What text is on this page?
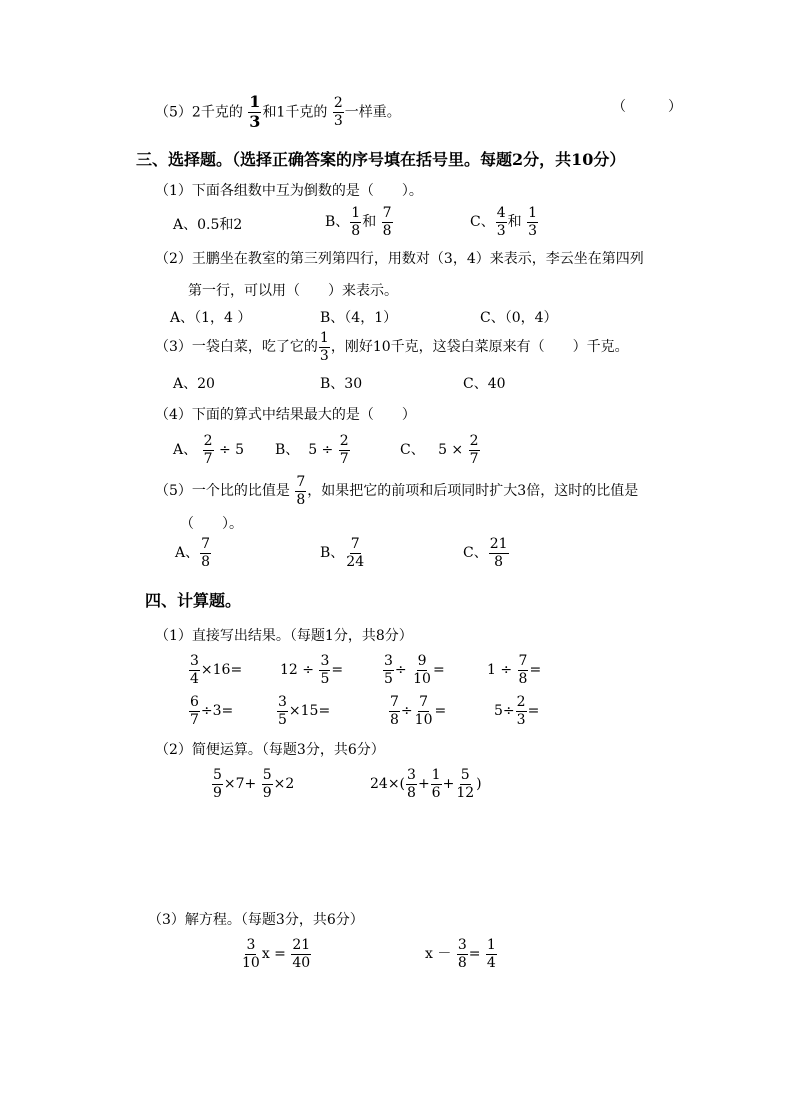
（5）2千克的 $\frac{1}{3}$ 和1千克的 $\frac{2}{3}$ 一样重。	（　　　）
三、选择题。（选择正确答案的序号填在括号里。每题2分，共10分）
（1）下面各组数中互为倒数的是（　　）。
A、0.5和2	B、 $\frac{1}{8}$ 和 $\frac{7}{8}$	C、 $\frac{4}{3}$ 和 $\frac{1}{3}$
（2）王鹏坐在教室的第三列第四行，用数对（3，4）来表示，李云坐在第四列
第一行，可以用（　　）来表示。
A、（1，4 ）	B、（4，1）	C、（0，4）
（3）一袋白菜，吃了它的 $\frac{1}{3}$ ，刚好10千克，这袋白菜原来有（　　）千克。
A、20	B、30	C、40
（4）下面的算式中结果最大的是（　　）
A、 $\frac{2}{7} \div 5$ B、 $5 \div \frac{2}{7}$	C、 $5 \times \frac{2}{7}$
（5）一个比的比值是 $\frac{7}{8}$ ，如果把它的前项和后项同时扩大3倍，这时的比值是
（　　）。
A、 $\frac{7}{8}$	B、 $\frac{7}{24}$	C、 $\frac{21}{8}$
四、计算题。
（1）直接写出结果。（每题1分，共8分）
$\frac{3}{4} \times 16=$	$12 \div \frac{3}{5}$ =	$\frac{3}{5} \div \frac{9}{10}$ =	$1 \div \frac{7}{8}$ =
$\frac{6}{7} \div 3=$	$\frac{3}{5} \times 15=$	$\frac{7}{8} \div \frac{7}{10}$ =	$5\div \frac{2}{3}$ =
（2）简便运算。（每题3分，共6分）
$\frac{5}{9} \times 7+ \frac{5}{9} \times 2$	$24\times( \frac{3}{8} + \frac{1}{6} + \frac{5}{12}$ )
（3）解方程。（每题3分，共6分）
$\frac{3}{10}$ $x = \frac{21}{40}$	$x - \frac{3}{8} = \frac{1}{4}$
